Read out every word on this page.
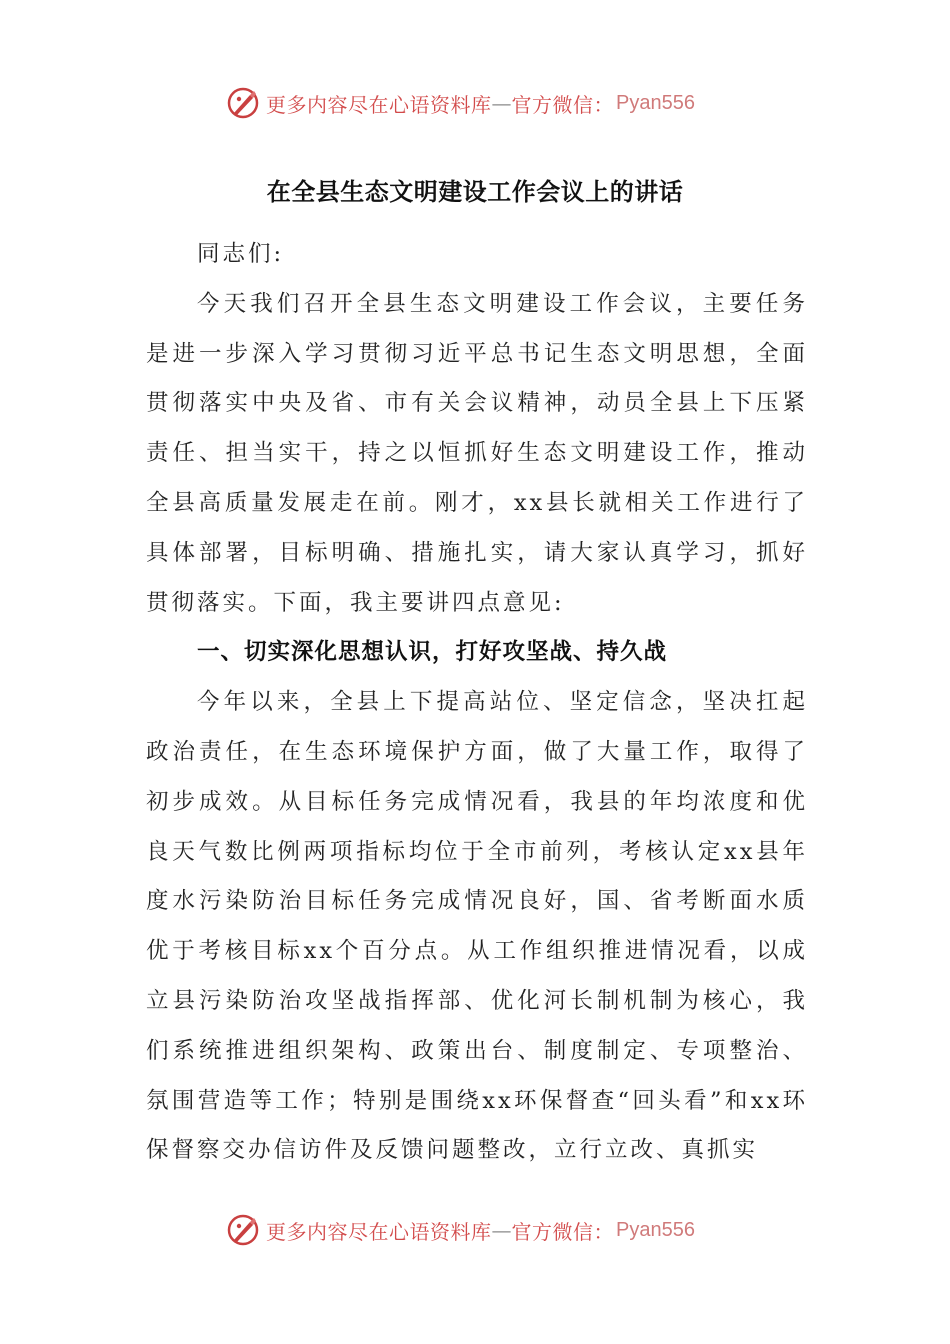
更多内容尽在心语资料库 — 官方微信： Pyan556
在全县生态文明建设工作会议上的讲话

同志们:

今天我们召开全县生态文明建设工作会议，主要任务是进一步深入学习贯彻习近平总书记生态文明思想，全面贯彻落实中央及省、市有关会议精神，动员全县上下压紧责任、担当实干，持之以恒抓好生态文明建设工作，推动全县高质量发展走在前。刚才，xx县长就相关工作进行了具体部署，目标明确、措施扎实，请大家认真学习，抓好贯彻落实。下面，我主要讲四点意见:

一、切实深化思想认识，打好攻坚战、持久战

今年以来，全县上下提高站位、坚定信念，坚决扛起政治责任，在生态环境保护方面，做了大量工作，取得了初步成效。从目标任务完成情况看，我县的年均浓度和优良天气数比例两项指标均位于全市前列，考核认定xx县年度水污染防治目标任务完成情况良好，国、省考断面水质优于考核目标xx个百分点。从工作组织推进情况看，以成立县污染防治攻坚战指挥部、优化河长制机制为核心，我们系统推进组织架构、政策出台、制度制定、专项整治、氛围营造等工作；特别是围绕xx环保督查“回头看”和xx环保督察交办信访件及反馈问题整改，立行立改、真抓实

更多内容尽在心语资料库 — 官方微信： Pyan556
